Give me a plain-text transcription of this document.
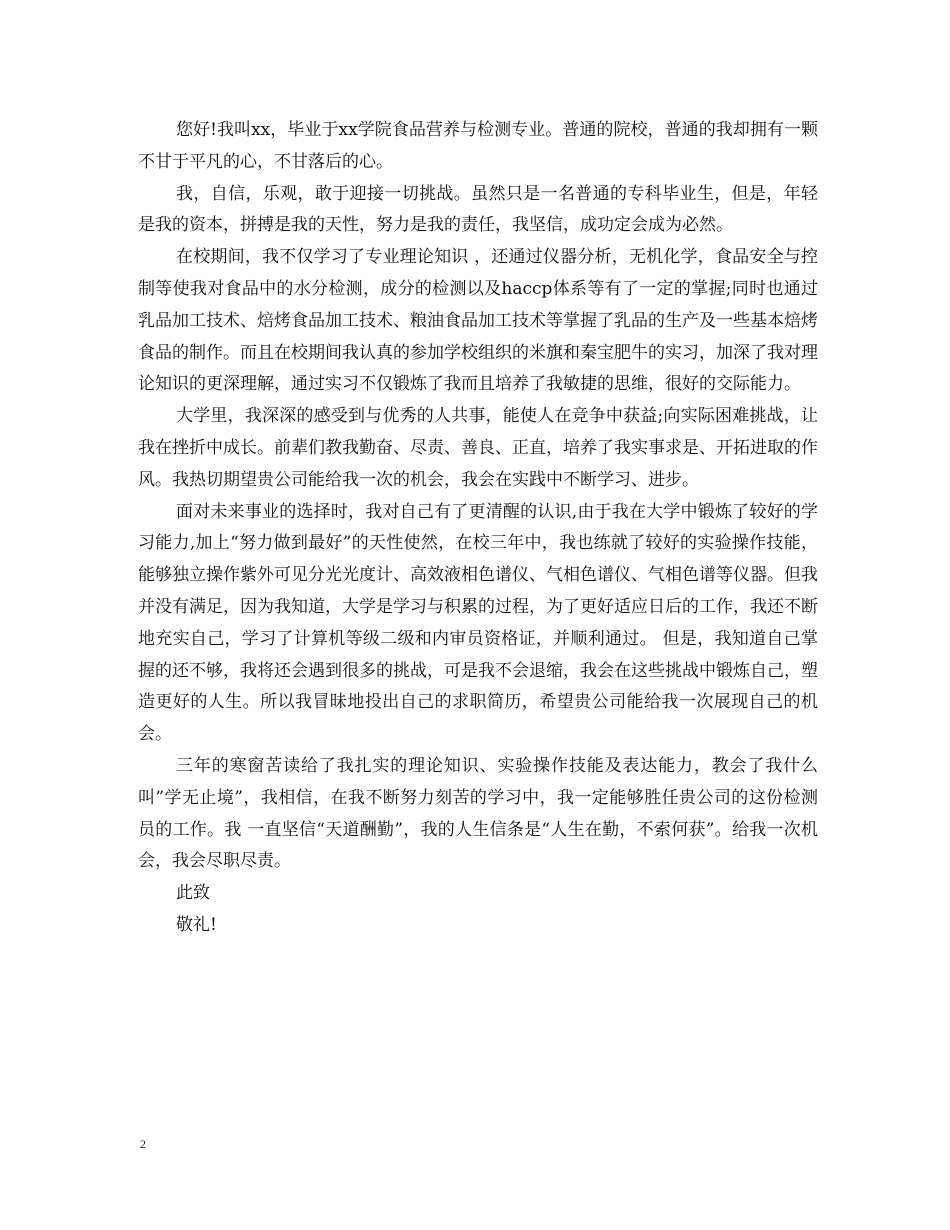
您好!我叫xx，毕业于xx学院食品营养与检测专业。普通的院校，普通的我却拥有一颗不甘于平凡的心，不甘落后的心。

我，自信，乐观，敢于迎接一切挑战。虽然只是一名普通的专科毕业生，但是，年轻是我的资本，拼搏是我的天性，努力是我的责任，我坚信，成功定会成为必然。

在校期间，我不仅学习了专业理论知识 ，还通过仪器分析，无机化学，食品安全与控制等使我对食品中的水分检测，成分的检测以及haccp体系等有了一定的掌握;同时也通过乳品加工技术、焙烤食品加工技术、粮油食品加工技术等掌握了乳品的生产及一些基本焙烤食品的制作。而且在校期间我认真的参加学校组织的米旗和秦宝肥牛的实习，加深了我对理论知识的更深理解，通过实习不仅锻炼了我而且培养了我敏捷的思维，很好的交际能力。

大学里，我深深的感受到与优秀的人共事，能使人在竞争中获益;向实际困难挑战，让我在挫折中成长。前辈们教我勤奋、尽责、善良、正直，培养了我实事求是、开拓进取的作风。我热切期望贵公司能给我一次的机会，我会在实践中不断学习、进步。

面对未来事业的选择时，我对自己有了更清醒的认识,由于我在大学中锻炼了较好的学习能力,加上“努力做到最好”的天性使然，在校三年中，我也练就了较好的实验操作技能，能够独立操作紫外可见分光光度计、高效液相色谱仪、气相色谱仪、气相色谱等仪器。但我并没有满足，因为我知道，大学是学习与积累的过程，为了更好适应日后的工作，我还不断地充实自己，学习了计算机等级二级和内审员资格证，并顺利通过。 但是，我知道自己掌握的还不够，我将还会遇到很多的挑战，可是我不会退缩，我会在这些挑战中锻炼自己，塑造更好的人生。所以我冒昧地投出自己的求职简历，希望贵公司能给我一次展现自己的机会。

三年的寒窗苦读给了我扎实的理论知识、实验操作技能及表达能力，教会了我什么叫”学无止境”，我相信，在我不断努力刻苦的学习中，我一定能够胜任贵公司的这份检测员的工作。我 一直坚信“天道酬勤”，我的人生信条是“人生在勤，不索何获”。给我一次机会，我会尽职尽责。

此致

敬礼!

2
